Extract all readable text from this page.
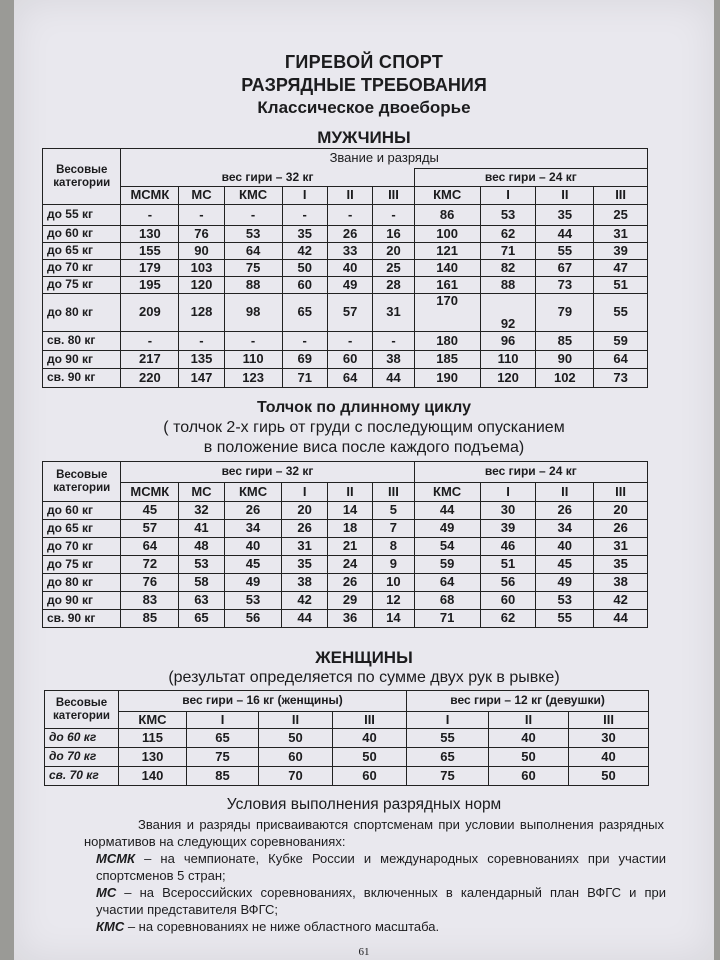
ГИРЕВОЙ СПОРТ
РАЗРЯДНЫЕ ТРЕБОВАНИЯ
Классическое двоеборье
МУЖЧИНЫ
Весовые категории	Звание и разряды									
	вес гири – 32 кг						вес гири – 24 кг			
	МСМК	МС	КМС	I	II	III	КМС	I	II	III
до 55 кг	-	-	-	-	-	-	86	53	35	25
до 60 кг	130	76	53	35	26	16	100	62	44	31
до 65 кг	155	90	64	42	33	20	121	71	55	39
до 70 кг	179	103	75	50	40	25	140	82	67	47
до 75 кг	195	120	88	60	49	28	161	88	73	51
до 80 кг	209	128	98	65	57	31	170	92	79	55
св. 80 кг	-	-	-	-	-	-	180	96	85	59
до 90 кг	217	135	110	69	60	38	185	110	90	64
св. 90 кг	220	147	123	71	64	44	190	120	102	73
Толчок по длинному циклу
( толчок 2-х гирь от груди с последующим опусканием
в положение виса после каждого подъема)
Весовые категории	вес гири – 32 кг						вес гири – 24 кг			
	МСМК	МС	КМС	I	II	III	КМС	I	II	III
до 60 кг	45	32	26	20	14	5	44	30	26	20
до 65 кг	57	41	34	26	18	7	49	39	34	26
до 70 кг	64	48	40	31	21	8	54	46	40	31
до 75 кг	72	53	45	35	24	9	59	51	45	35
до 80 кг	76	58	49	38	26	10	64	56	49	38
до 90 кг	83	63	53	42	29	12	68	60	53	42
св. 90 кг	85	65	56	44	36	14	71	62	55	44
ЖЕНЩИНЫ
(результат определяется по сумме двух рук в рывке)
Весовые категории	вес гири – 16 кг (женщины)				вес гири – 12 кг (девушки)		
	КМС	I	II	III	I	II	III
до 60 кг	115	65	50	40	55	40	30
до 70 кг	130	75	60	50	65	50	40
св. 70 кг	140	85	70	60	75	60	50
Условия выполнения разрядных норм
Звания и разряды присваиваются спортсменам при условии выполнения разрядных нормативов на следующих соревнованиях:
МСМК – на чемпионате, Кубке России и международных соревнованиях при участии спортсменов 5 стран;
МС – на Всероссийских соревнованиях, включенных в календарный план ВФГС и при участии представителя ВФГС;
КМС – на соревнованиях не ниже областного масштаба.
61
